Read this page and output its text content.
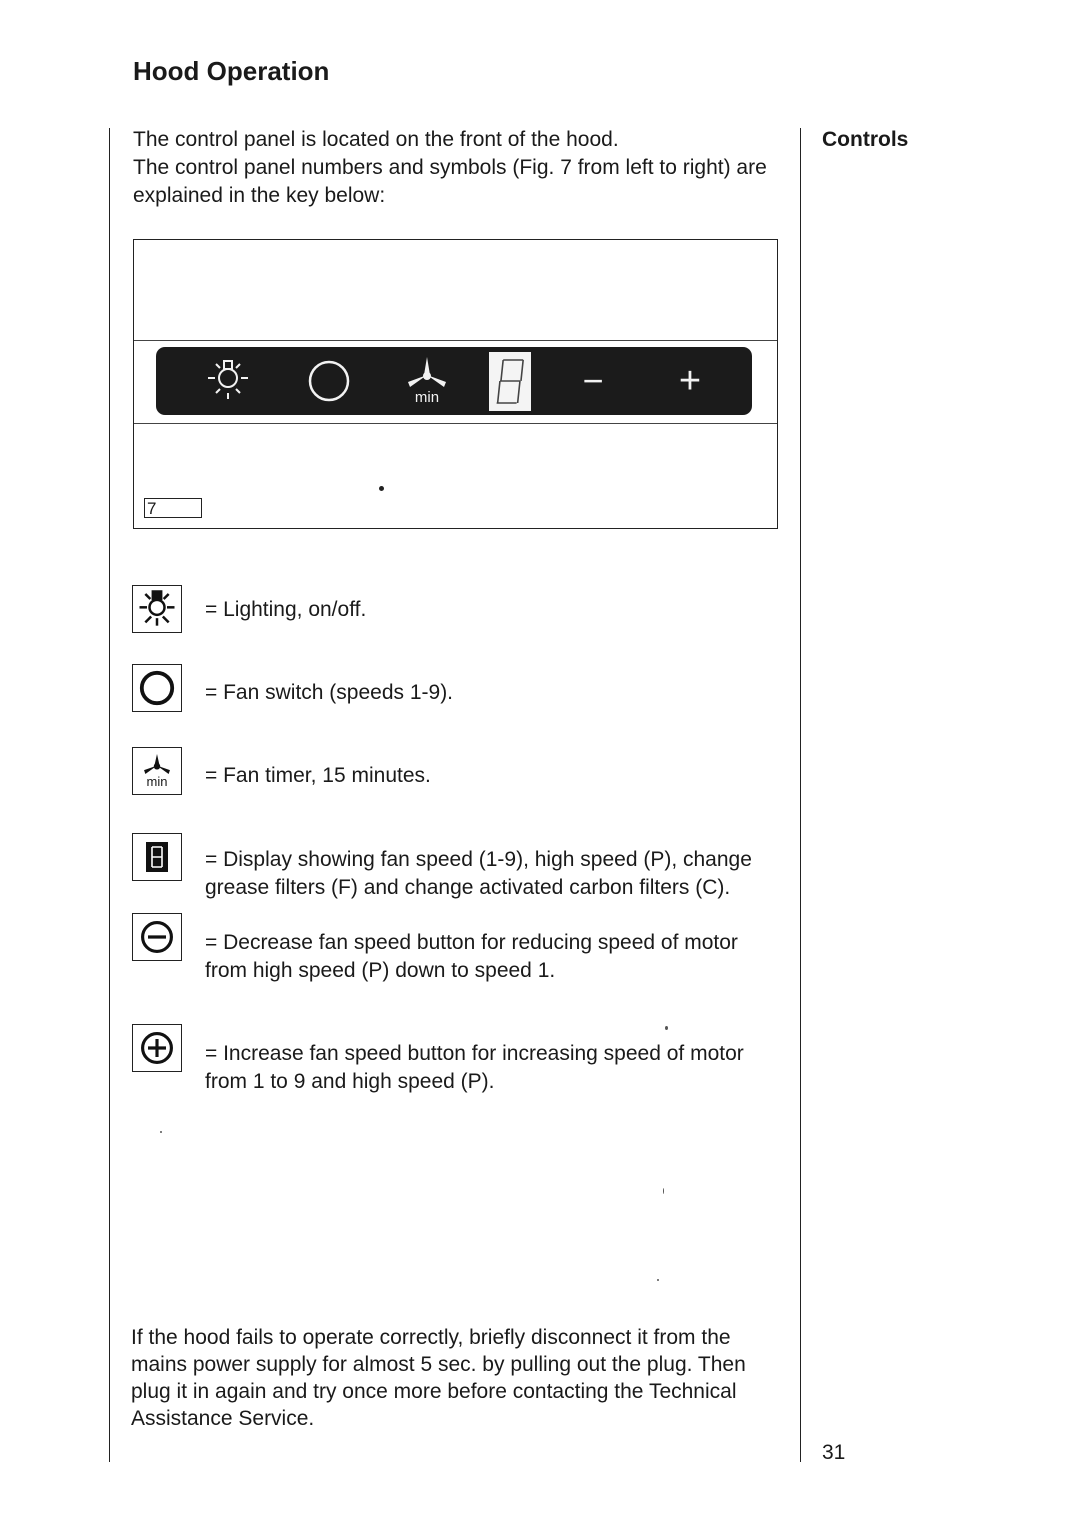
Hood Operation
Controls

The control panel is located on the front of the hood.

The control panel numbers and symbols (Fig. 7 from left to right) are explained in the key below:

min	− +
7
= Lighting, on/off.
= Fan switch (speeds 1-9).
min = Fan timer, 15 minutes.
= Display showing fan speed (1-9), high speed (P), change grease filters (F) and change activated carbon filters (C).
= Decrease fan speed button for reducing speed of motor from high speed (P) down to speed 1.
= Increase fan speed button for increasing speed of motor from 1 to 9 and high speed (P).
If the hood fails to operate correctly, briefly disconnect it from the mains power supply for almost 5 sec. by pulling out the plug. Then plug it in again and try once more before contacting the Technical Assistance Service.
31
